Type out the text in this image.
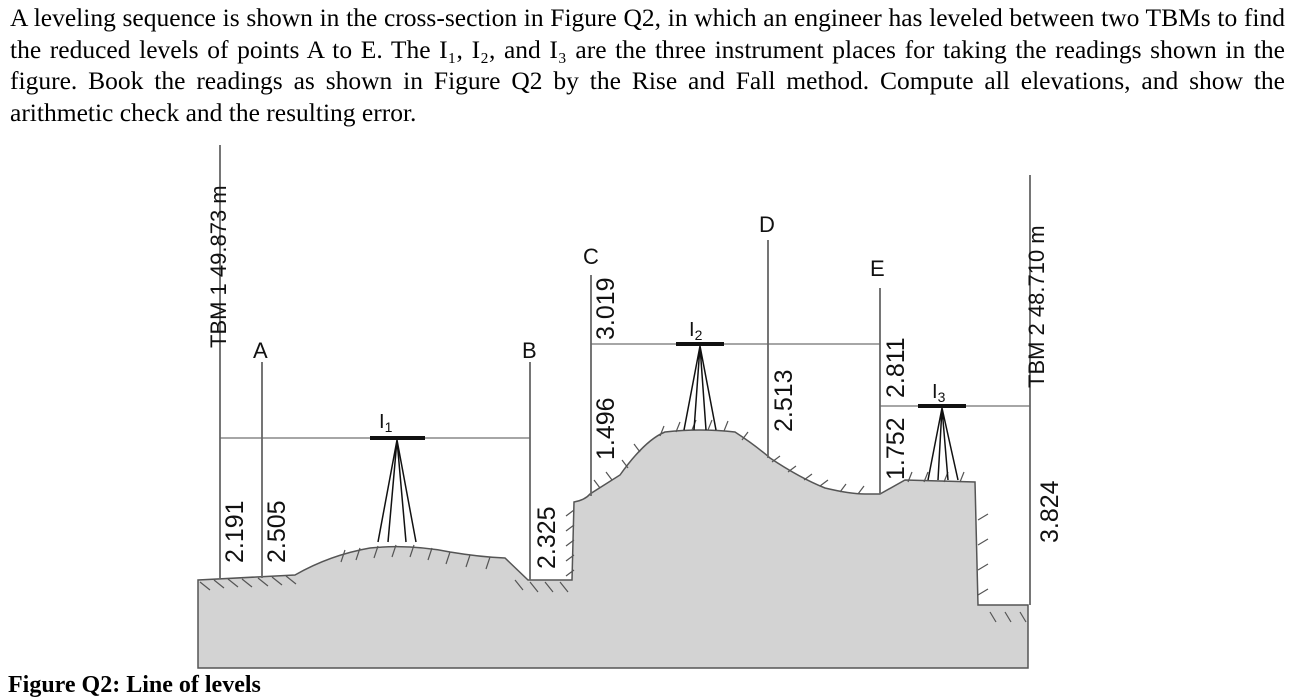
A leveling sequence is shown in the cross-section in Figure Q2, in which an engineer has leveled between two TBMs to find the reduced levels of points A to E. The I₁, I₂, and I₃ are the three instrument places for taking the readings shown in the figure. Book the readings as shown in Figure Q2 by the Rise and Fall method. Compute all elevations, and show the arithmetic check and the resulting error.
TBM 1 49.873 m	TBM 2 48.710 m
A	B
C
D
E
$I_1$
$I_2$
$I_3$
2.191 2.505	2.325
1.496
3.019
2.513
2.811
1.752
3.824
Figure Q2: Line of levels
